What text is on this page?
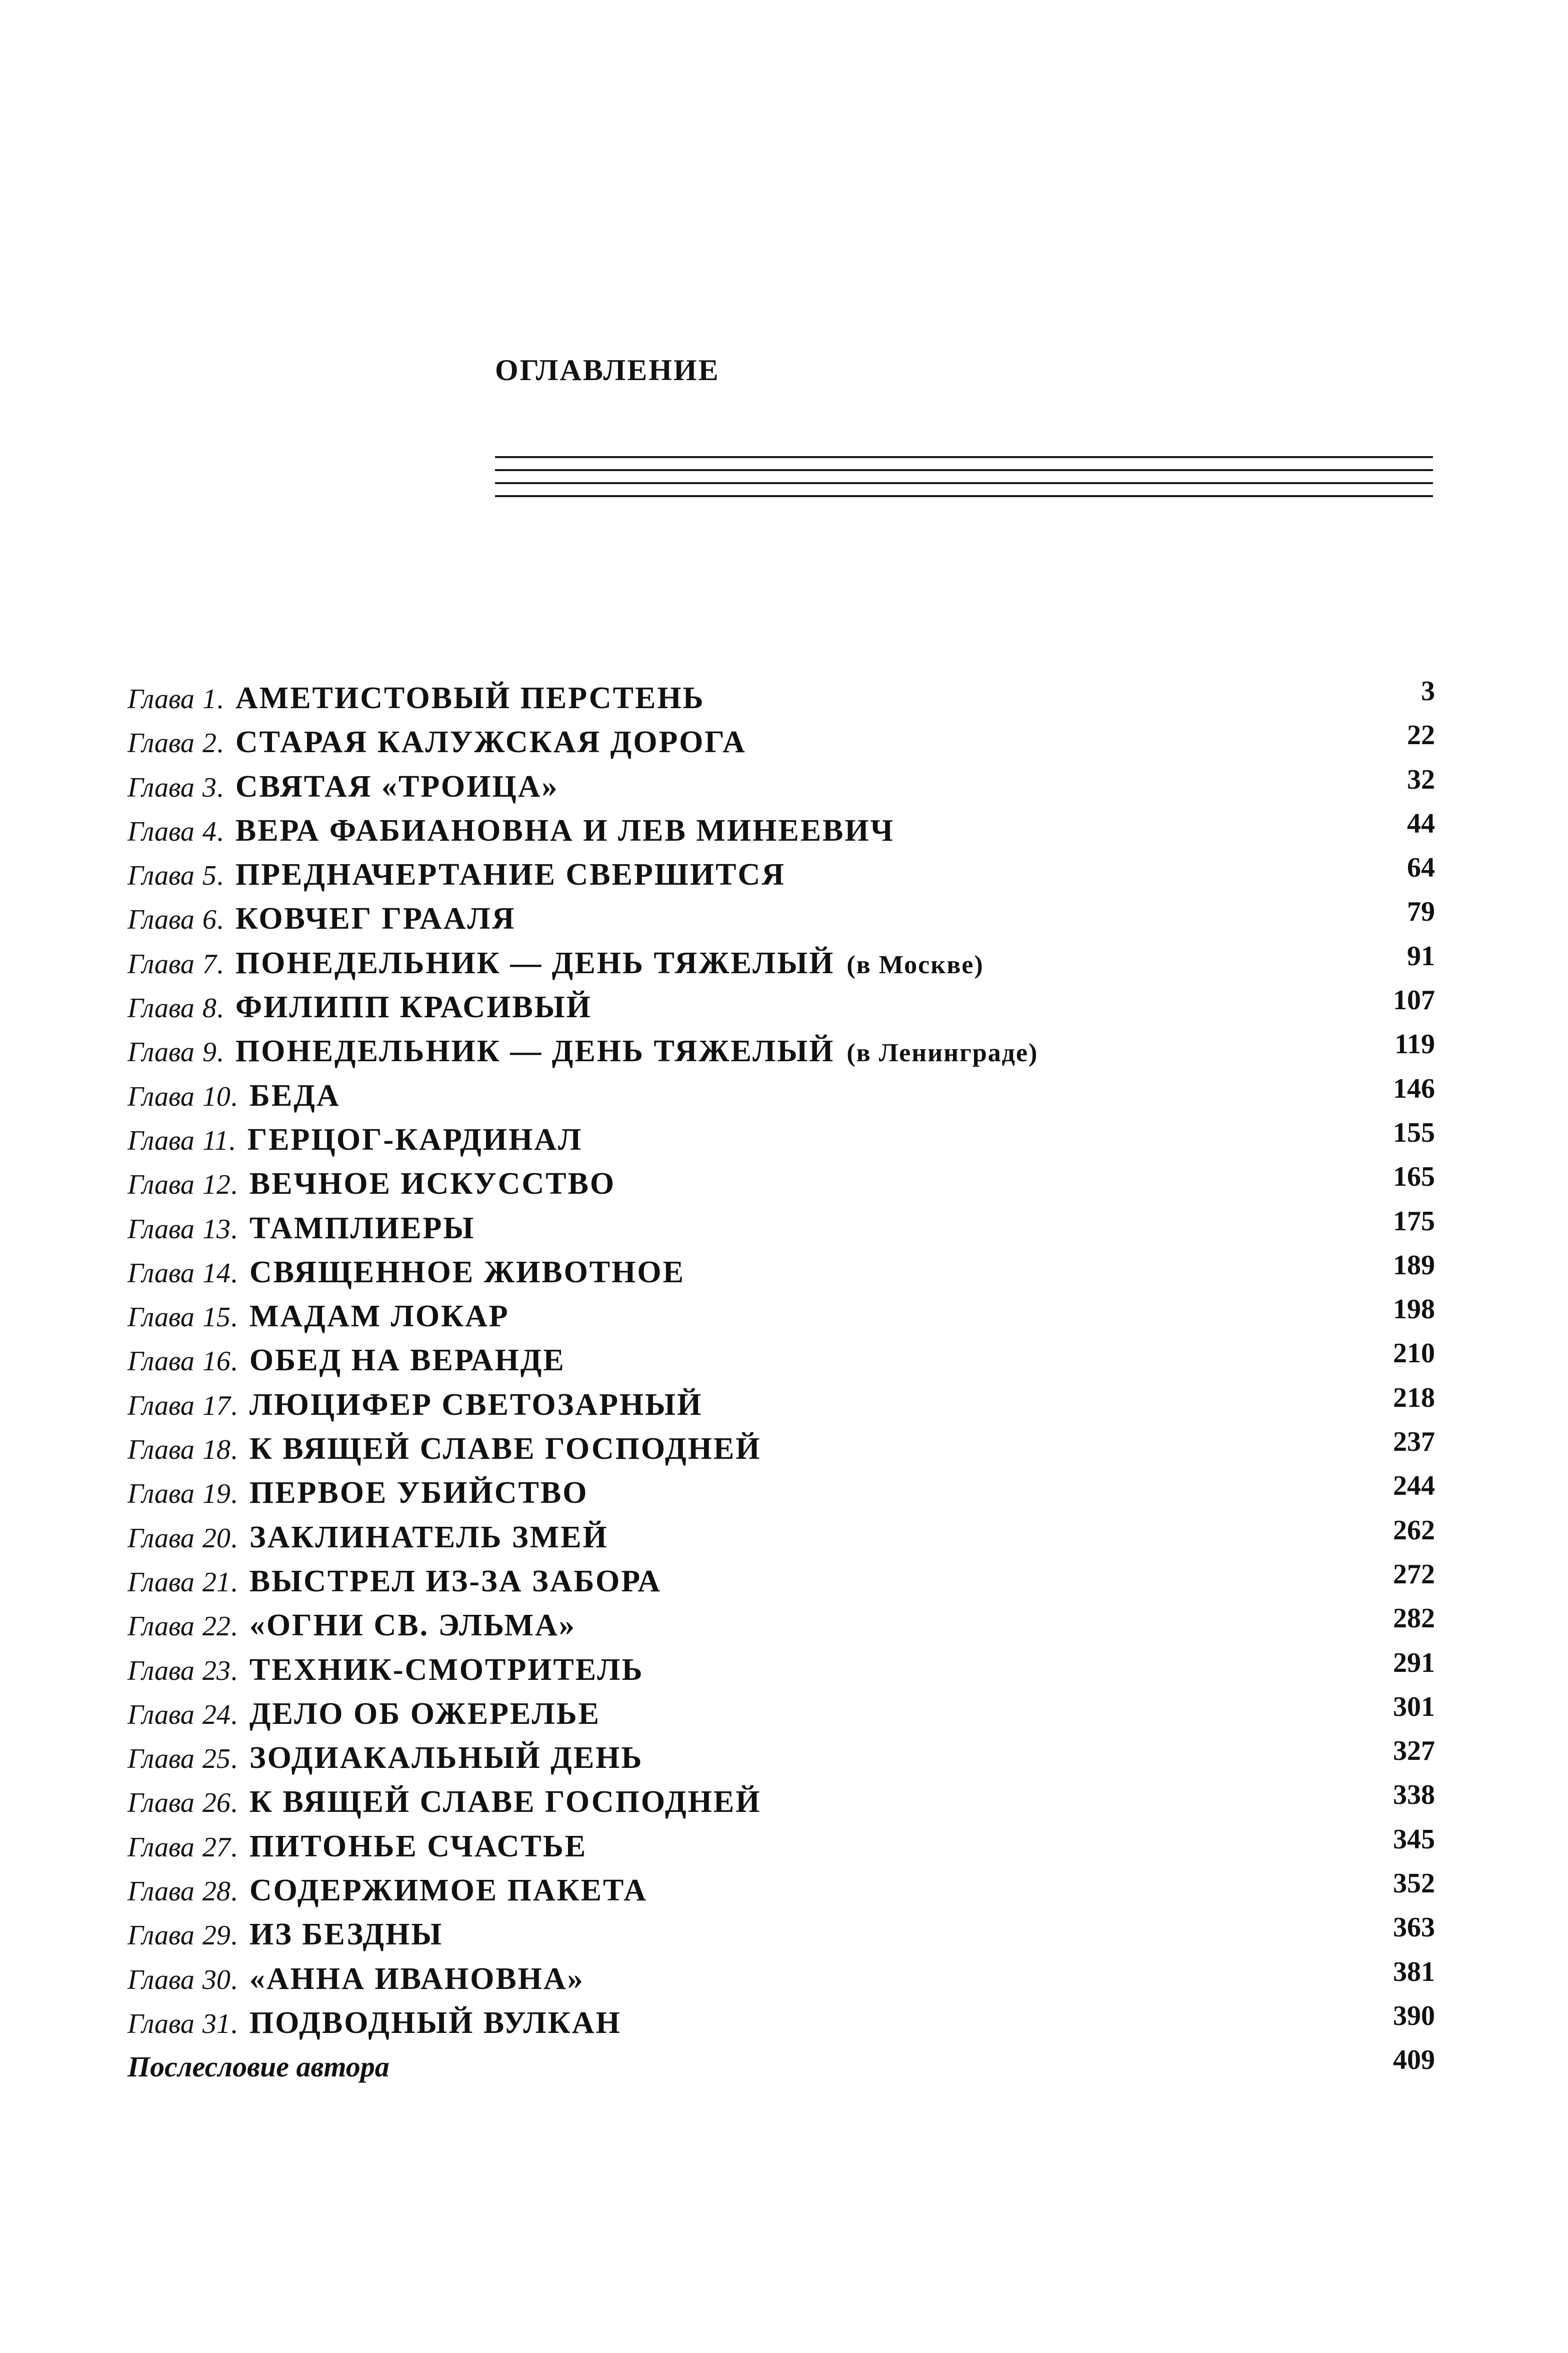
ОГЛАВЛЕНИЕ
Глава 1. АМЕТИСТОВЫЙ ПЕРСТЕНЬ	3
Глава 2. СТАРАЯ КАЛУЖСКАЯ ДОРОГА	22
Глава 3. СВЯТАЯ «ТРОИЦА»	32
Глава 4. ВЕРА ФАБИАНОВНА И ЛЕВ МИНЕЕВИЧ	44
Глава 5. ПРЕДНАЧЕРТАНИЕ СВЕРШИТСЯ	64
Глава 6. КОВЧЕГ ГРААЛЯ	79
Глава 7. ПОНЕДЕЛЬНИК — ДЕНЬ ТЯЖЕЛЫЙ (в Москве)	91
Глава 8. ФИЛИПП КРАСИВЫЙ	107
Глава 9. ПОНЕДЕЛЬНИК — ДЕНЬ ТЯЖЕЛЫЙ (в Ленинграде)	119
Глава 10. БЕДА	146
Глава 11. ГЕРЦОГ-КАРДИНАЛ	155
Глава 12. ВЕЧНОЕ ИСКУССТВО	165
Глава 13. ТАМПЛИЕРЫ	175
Глава 14. СВЯЩЕННОЕ ЖИВОТНОЕ	189
Глава 15. МАДАМ ЛОКАР	198
Глава 16. ОБЕД НА ВЕРАНДЕ	210
Глава 17. ЛЮЦИФЕР СВЕТОЗАРНЫЙ	218
Глава 18. К ВЯЩЕЙ СЛАВЕ ГОСПОДНЕЙ	237
Глава 19. ПЕРВОЕ УБИЙСТВО	244
Глава 20. ЗАКЛИНАТЕЛЬ ЗМЕЙ	262
Глава 21. ВЫСТРЕЛ ИЗ-ЗА ЗАБОРА	272
Глава 22. «ОГНИ СВ. ЭЛЬМА»	282
Глава 23. ТЕХНИК-СМОТРИТЕЛЬ	291
Глава 24. ДЕЛО ОБ ОЖЕРЕЛЬЕ	301
Глава 25. ЗОДИАКАЛЬНЫЙ ДЕНЬ	327
Глава 26. К ВЯЩЕЙ СЛАВЕ ГОСПОДНЕЙ	338
Глава 27. ПИТОНЬЕ СЧАСТЬЕ	345
Глава 28. СОДЕРЖИМОЕ ПАКЕТА	352
Глава 29. ИЗ БЕЗДНЫ	363
Глава 30. «АННА ИВАНОВНА»	381
Глава 31. ПОДВОДНЫЙ ВУЛКАН	390
Послесловие автора	409
